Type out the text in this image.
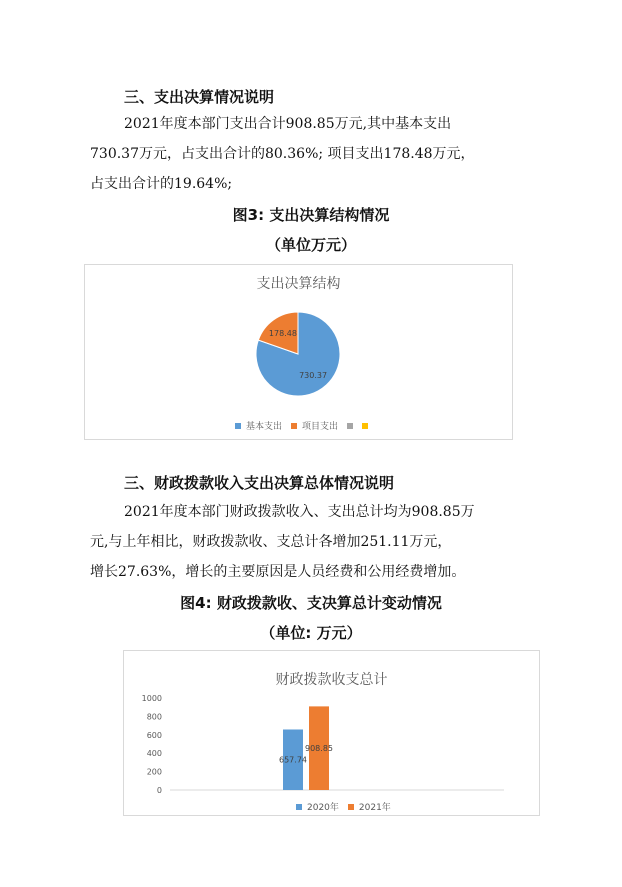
三、支出决算情况说明
2021年度本部门支出合计908.85万元,其中基本支出
730.37万元，占支出合计的80.36%; 项目支出178.48万元，
占支出合计的19.64%;
图3: 支出决算结构情况
（单位万元）
支出决算结构
730.37
178.48
基本支出 项目支出
三、财政拨款收入支出决算总体情况说明
2021年度本部门财政拨款收入、支出总计均为908.85万
元,与上年相比，财政拨款收、支总计各增加251.11万元，
增长27.63%，增长的主要原因是人员经费和公用经费增加。
图4: 财政拨款收、支决算总计变动情况
（单位: 万元）
财政拨款收支总计
0
200
400
600
800
1000
657.74
908.85
2020年 2021年
